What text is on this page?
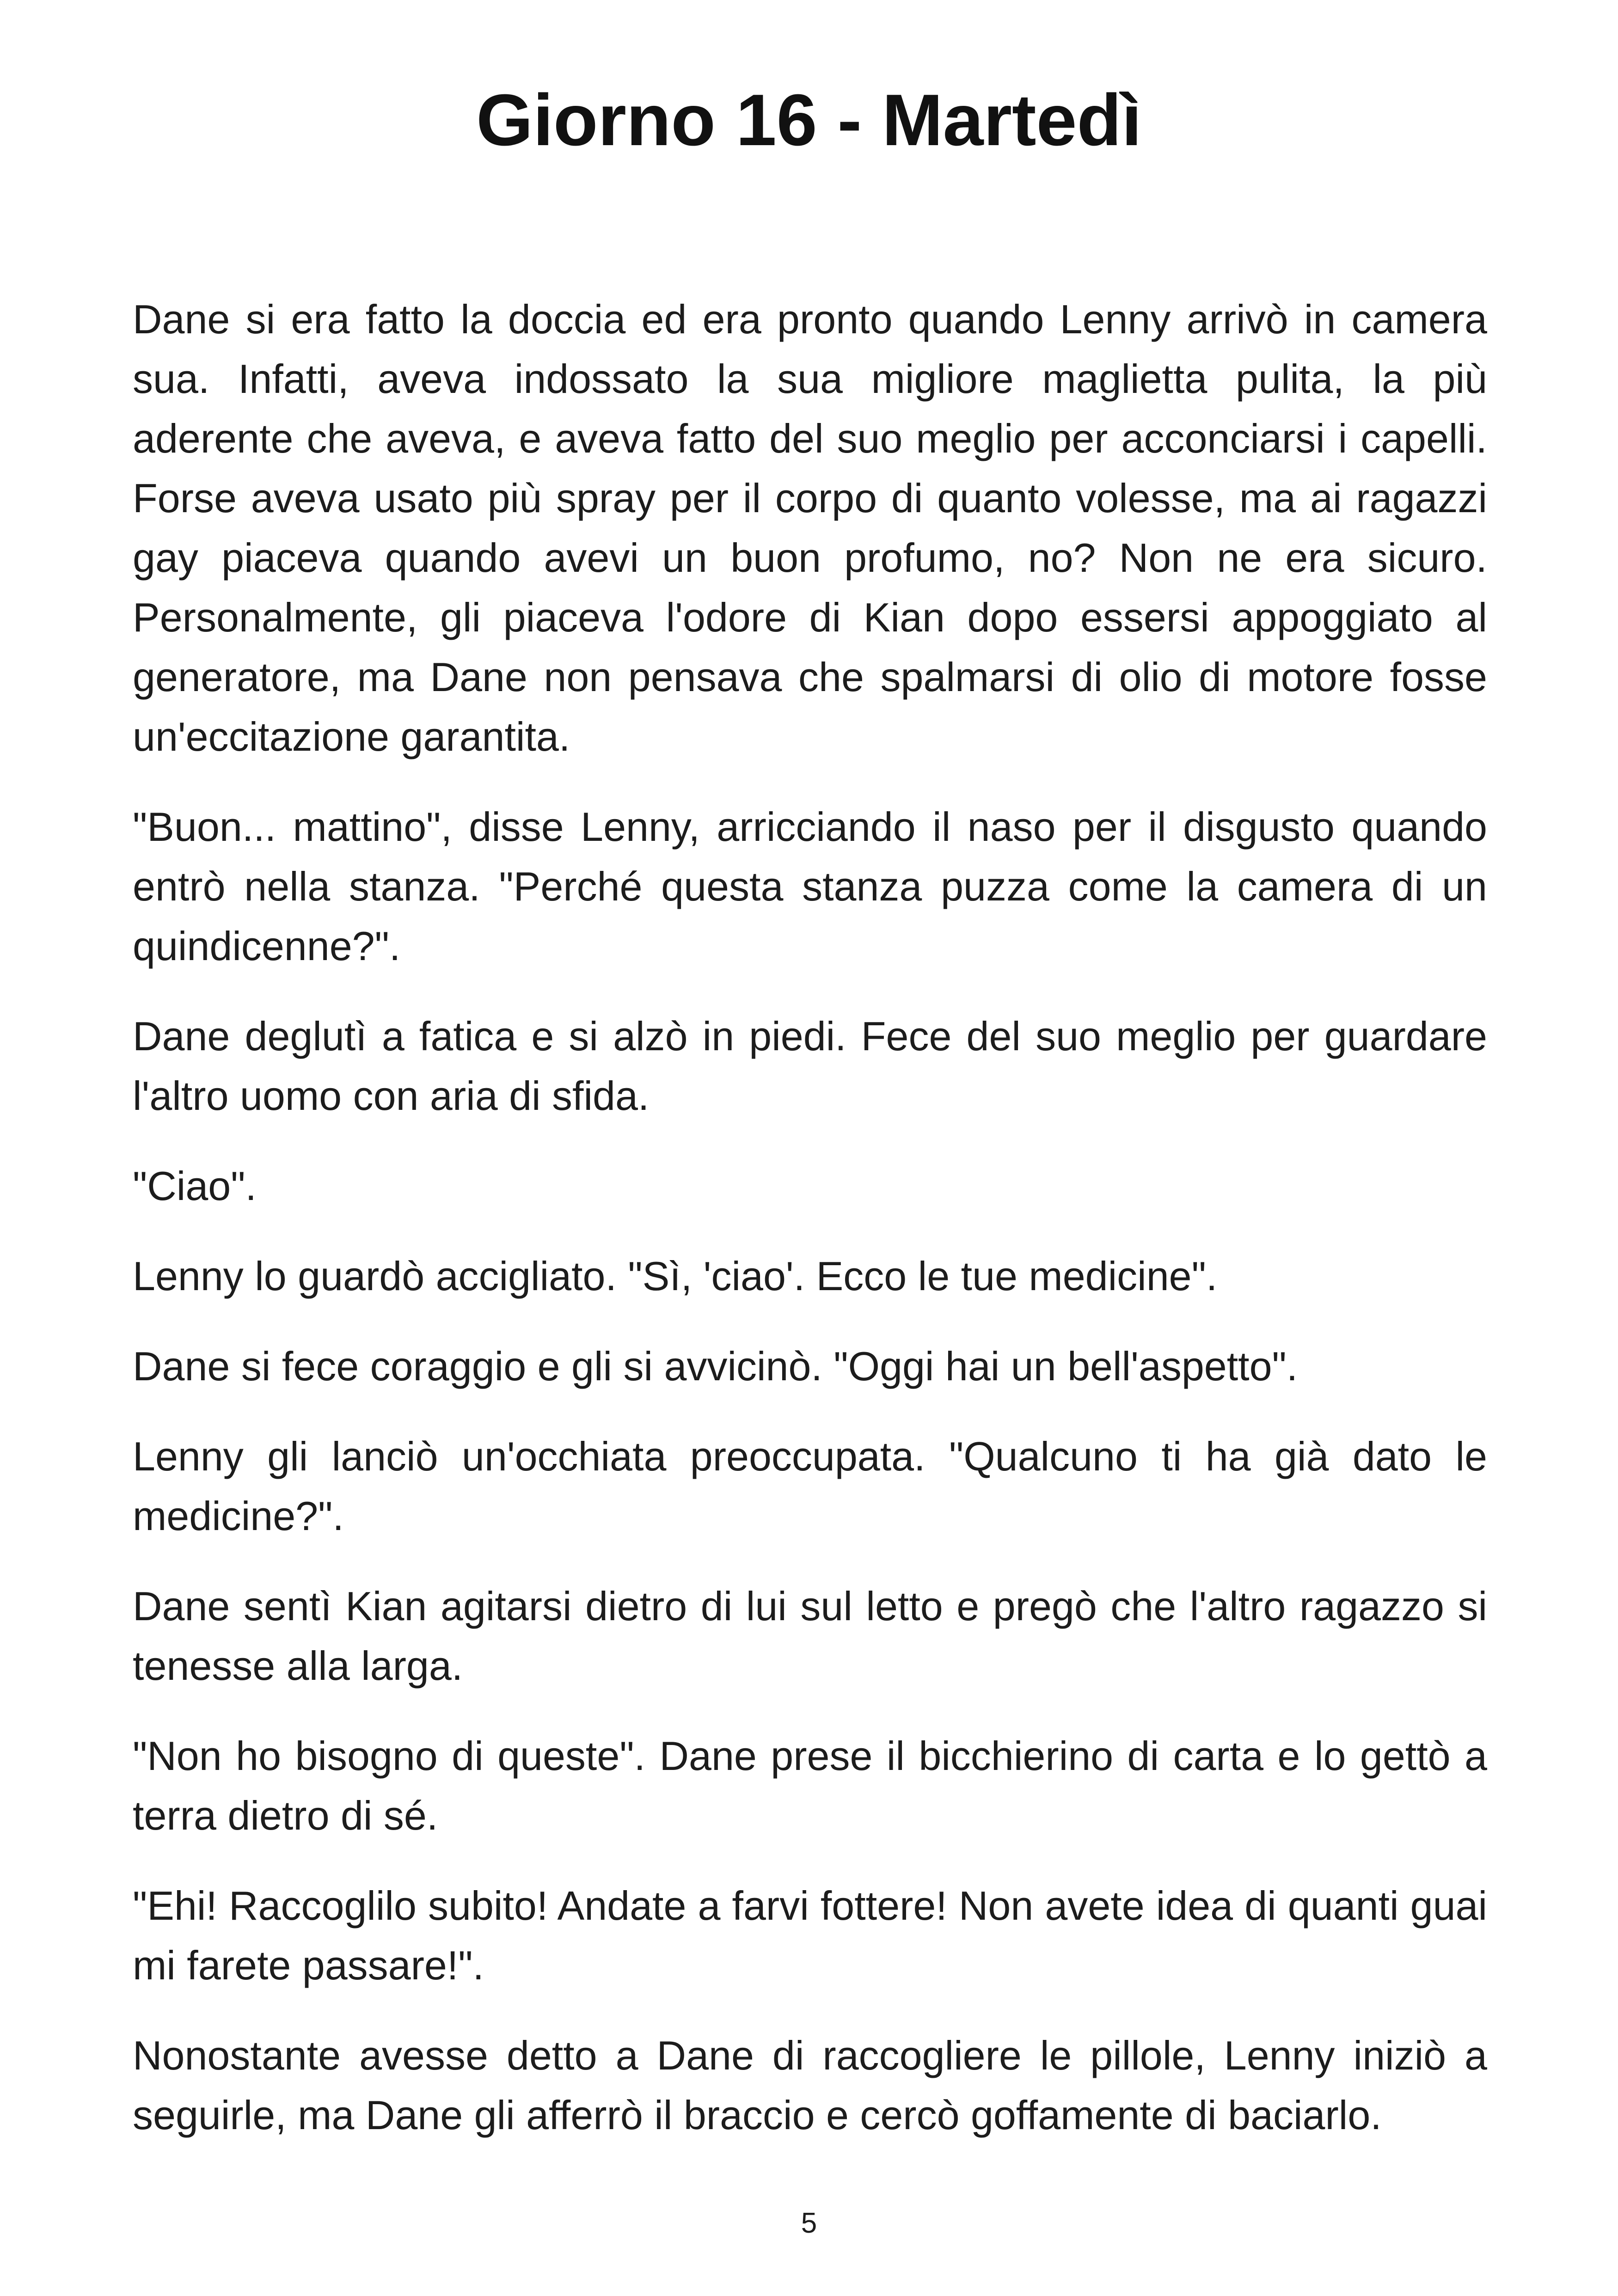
Giorno 16 - Martedì

Dane si era fatto la doccia ed era pronto quando Lenny arrivò in camera sua. Infatti, aveva indossato la sua migliore maglietta pulita, la più aderente che aveva, e aveva fatto del suo meglio per acconciarsi i capelli. Forse aveva usato più spray per il corpo di quanto volesse, ma ai ragazzi gay piaceva quando avevi un buon profumo, no? Non ne era sicuro. Personalmente, gli piaceva l'odore di Kian dopo essersi appoggiato al generatore, ma Dane non pensava che spalmarsi di olio di motore fosse un'eccitazione garantita.

"Buon... mattino", disse Lenny, arricciando il naso per il disgusto quando entrò nella stanza. "Perché questa stanza puzza come la camera di un quindicenne?".

Dane deglutì a fatica e si alzò in piedi. Fece del suo meglio per guardare l'altro uomo con aria di sfida.

"Ciao".

Lenny lo guardò accigliato. "Sì, 'ciao'. Ecco le tue medicine".

Dane si fece coraggio e gli si avvicinò. "Oggi hai un bell'aspetto".

Lenny gli lanciò un'occhiata preoccupata. "Qualcuno ti ha già dato le medicine?".

Dane sentì Kian agitarsi dietro di lui sul letto e pregò che l'altro ragazzo si tenesse alla larga.

"Non ho bisogno di queste". Dane prese il bicchierino di carta e lo gettò a terra dietro di sé.

"Ehi! Raccoglilo subito! Andate a farvi fottere! Non avete idea di quanti guai mi farete passare!".

Nonostante avesse detto a Dane di raccogliere le pillole, Lenny iniziò a seguirle, ma Dane gli afferrò il braccio e cercò goffamente di baciarlo.

5
